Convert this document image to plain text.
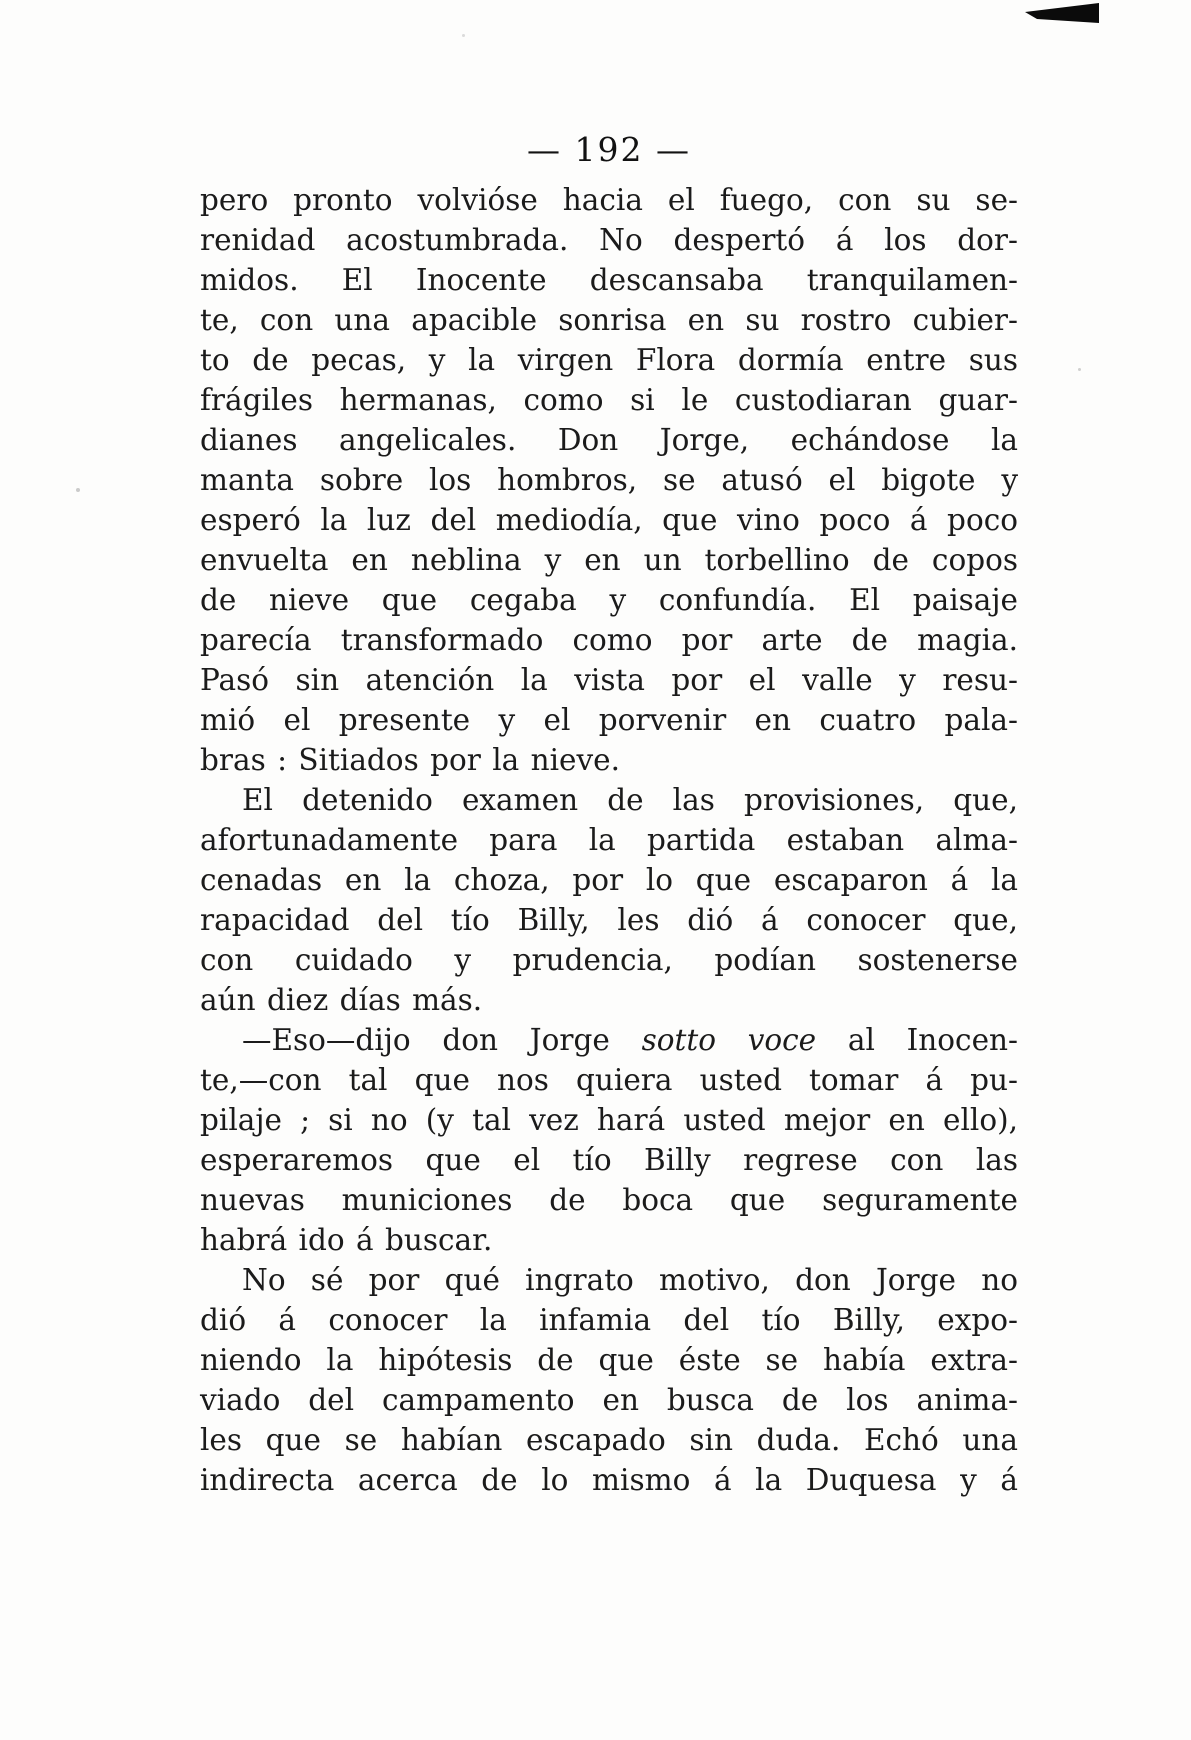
— 192 —
pero pronto volvióse hacia el fuego, con su se-
renidad acostumbrada. No despertó á los dor-
midos. El Inocente descansaba tranquilamen-
te, con una apacible sonrisa en su rostro cubier-
to de pecas, y la virgen Flora dormía entre sus
frágiles hermanas, como si le custodiaran guar-
dianes angelicales. Don Jorge, echándose la
manta sobre los hombros, se atusó el bigote y
esperó la luz del mediodía, que vino poco á poco
envuelta en neblina y en un torbellino de copos
de nieve que cegaba y confundía. El paisaje
parecía transformado como por arte de magia.
Pasó sin atención la vista por el valle y resu-
mió el presente y el porvenir en cuatro pala-
bras : Sitiados por la nieve.
El detenido examen de las provisiones, que,
afortunadamente para la partida estaban alma-
cenadas en la choza, por lo que escaparon á la
rapacidad del tío Billy, les dió á conocer que,
con cuidado y prudencia, podían sostenerse
aún diez días más.
—Eso—dijo don Jorge sotto voce al Inocen-
te,—con tal que nos quiera usted tomar á pu-
pilaje ; si no (y tal vez hará usted mejor en ello),
esperaremos que el tío Billy regrese con las
nuevas municiones de boca que seguramente
habrá ido á buscar.
No sé por qué ingrato motivo, don Jorge no
dió á conocer la infamia del tío Billy, expo-
niendo la hipótesis de que éste se había extra-
viado del campamento en busca de los anima-
les que se habían escapado sin duda. Echó una
indirecta acerca de lo mismo á la Duquesa y á
